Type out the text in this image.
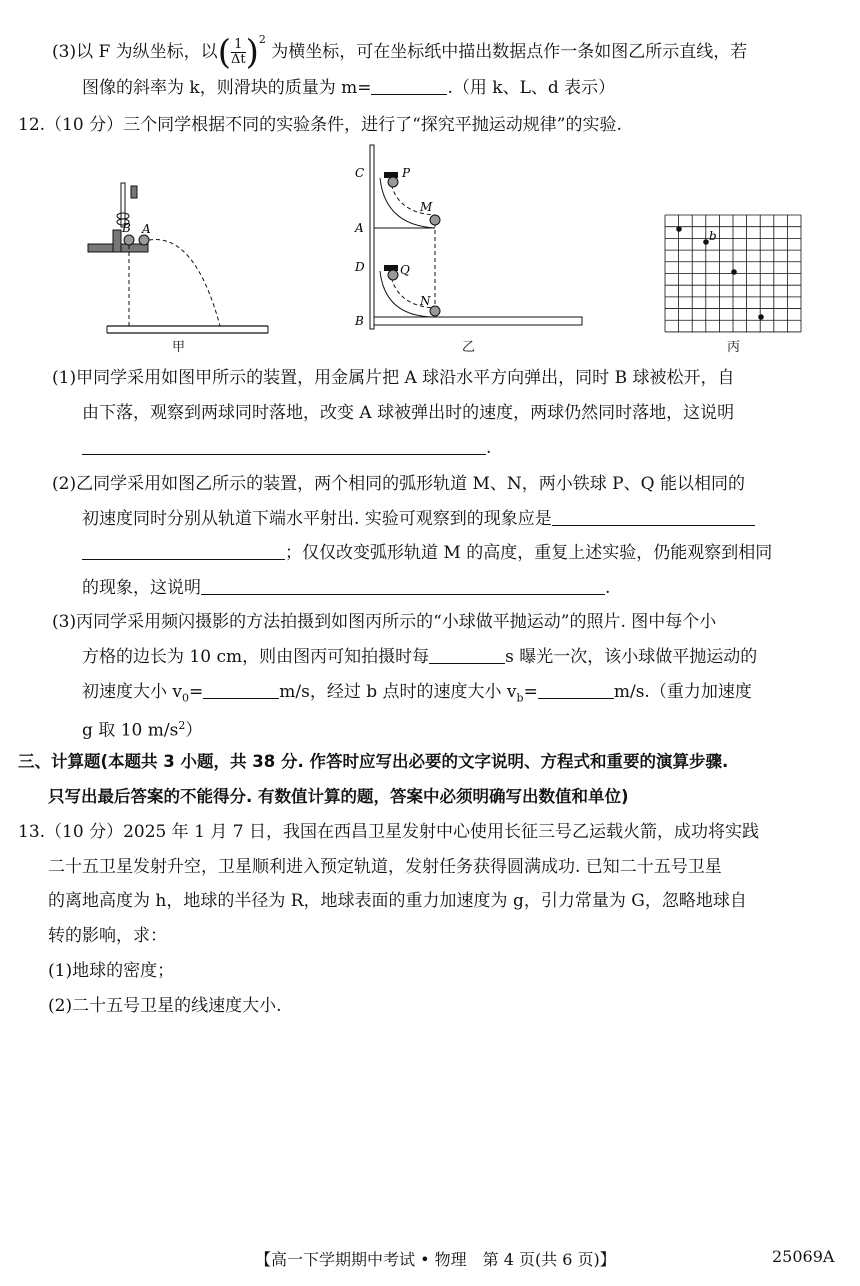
(3)以 F 为纵坐标，以( $\frac{1}{\Delta t} )^2$ 为横坐标，可在坐标纸中描出数据点作一条如图乙所示直线，若
图像的斜率为 k，则滑块的质量为 m=	.（用 k、L、d 表示）
12.（10 分）三个同学根据不同的实验条件，进行了“探究平抛运动规律”的实验.
B A
甲
C	P
M
A
D	Q
N
B
乙
b
丙
(1)甲同学采用如图甲所示的装置，用金属片把 A 球沿水平方向弹出，同时 B 球被松开，自
由下落，观察到两球同时落地，改变 A 球被弹出时的速度，两球仍然同时落地，这说明
.
(2)乙同学采用如图乙所示的装置，两个相同的弧形轨道 M、N，两小铁球 P、Q 能以相同的
初速度同时分别从轨道下端水平射出. 实验可观察到的现象应是
；仅仅改变弧形轨道 M 的高度，重复上述实验，仍能观察到相同
的现象，这说明	.
(3)丙同学采用频闪摄影的方法拍摄到如图丙所示的“小球做平抛运动”的照片. 图中每个小
方格的边长为 10 cm，则由图丙可知拍摄时每	s 曝光一次，该小球做平抛运动的
初速度大小 $v_0=$	m/s，经过 b 点时的速度大小 $v_b=$	m/s.（重力加速度
g 取 10 $m/s^2$）
三、计算题(本题共 3 小题，共 38 分. 作答时应写出必要的文字说明、方程式和重要的演算步骤.
只写出最后答案的不能得分. 有数值计算的题，答案中必须明确写出数值和单位)
13.（10 分）2025 年 1 月 7 日，我国在西昌卫星发射中心使用长征三号乙运载火箭，成功将实践
二十五卫星发射升空，卫星顺利进入预定轨道，发射任务获得圆满成功. 已知二十五号卫星
的离地高度为 h，地球的半径为 R，地球表面的重力加速度为 g，引力常量为 G，忽略地球自
转的影响，求：
(1)地球的密度；
(2)二十五号卫星的线速度大小.
【高一下学期期中考试 • 物理　第 4 页(共 6 页)】	25069A
